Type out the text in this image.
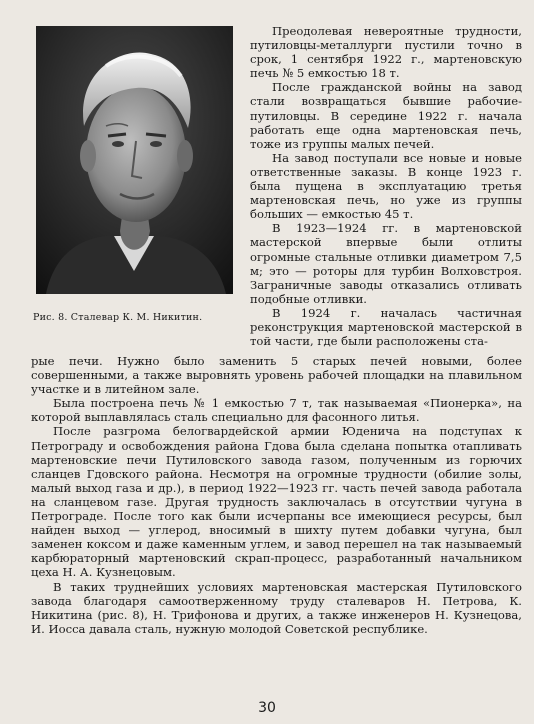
Рис. 8. Сталевар К. М. Никитин.

Преодолевая невероятные трудности, путиловцы-металлурги пустили точно в срок, 1 сентября 1922 г., мартеновскую печь № 5 емкостью 18 т.

После гражданской войны на завод стали возвращаться бывшие рабочие-путиловцы. В середине 1922 г. начала работать еще одна мартеновская печь, тоже из группы малых печей.

На завод поступали все новые и новые ответственные заказы. В конце 1923 г. была пущена в эксплуатацию третья мартеновская печь, но уже из группы больших — емкостью 45 т.

В 1923—1924 гг. в мартеновской мастерской впервые были отлиты огромные стальные отливки диаметром 7,5 м; это — роторы для турбин Волховстроя. Заграничные заводы отказались отливать подобные отливки.

В 1924 г. началась частичная реконструкция мартеновской мастерской в той части, где были расположены ста-

рые печи. Нужно было заменить 5 старых печей новыми, более совершенными, а также выровнять уровень рабочей площадки на плавильном участке и в литейном зале.

Была построена печь № 1 емкостью 7 т, так называемая «Пионерка», на которой выплавлялась сталь специально для фасонного литья.

После разгрома белогвардейской армии Юденича на подступах к Петрограду и освобождения района Гдова была сделана попытка отапливать мартеновские печи Путиловского завода газом, полученным из горючих сланцев Гдовского района. Несмотря на огромные трудности (обилие золы, малый выход газа и др.), в период 1922—1923 гг. часть печей завода работала на сланцевом газе. Другая трудность заключалась в отсутствии чугуна в Петрограде. После того как были исчерпаны все имеющиеся ресурсы, был найден выход — углерод, вносимый в шихту путем добавки чугуна, был заменен коксом и даже каменным углем, и завод перешел на так называемый карбюраторный мартеновский скрап-процесс, разработанный начальником цеха Н. А. Кузнецовым.

В таких труднейших условиях мартеновская мастерская Путиловского завода благодаря самоотверженному труду сталеваров Н. Петрова, К. Никитина (рис. 8), Н. Трифонова и других, а также инженеров Н. Кузнецова, И. Иосса давала сталь, нужную молодой Советской республике.

30
